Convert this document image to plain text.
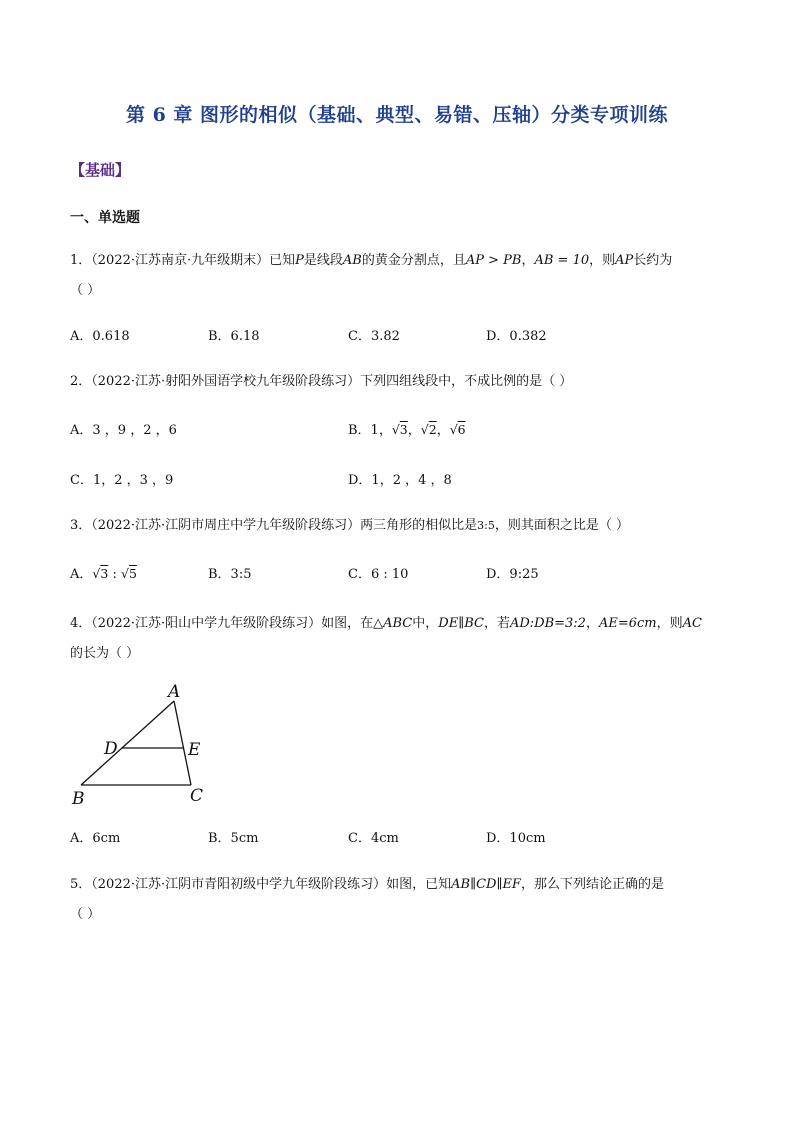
第 6 章 图形的相似（基础、典型、易错、压轴）分类专项训练
【基础】
一、单选题
1．（2022·江苏南京·九年级期末）已知P是线段AB的黄金分割点，且AP > PB，AB = 10，则AP长约为
（ ）
A．0.618	B．6.18	C．3.82	D．0.382
2．（2022·江苏·射阳外国语学校九年级阶段练习）下列四组线段中，不成比例的是（ ）
A．3 ，9 ，2 ，6	B．1，√3，√2，√6
C．1，2 ，3 ，9	D．1，2 ，4 ，8
3．（2022·江苏·江阴市周庄中学九年级阶段练习）两三角形的相似比是3:5，则其面积之比是（ ）
A．√3 : √5	B．3:5	C．6 : 10	D．9:25
4．（2022·江苏·阳山中学九年级阶段练习）如图，在△ABC中，DE∥BC，若AD:DB=3:2，AE=6cm，则AC
的长为（ ）
A
D	E
B	C
A．6cm	B．5cm	C．4cm	D．10cm
5．（2022·江苏·江阴市青阳初级中学九年级阶段练习）如图，已知AB∥CD∥EF，那么下列结论正确的是
（ ）
